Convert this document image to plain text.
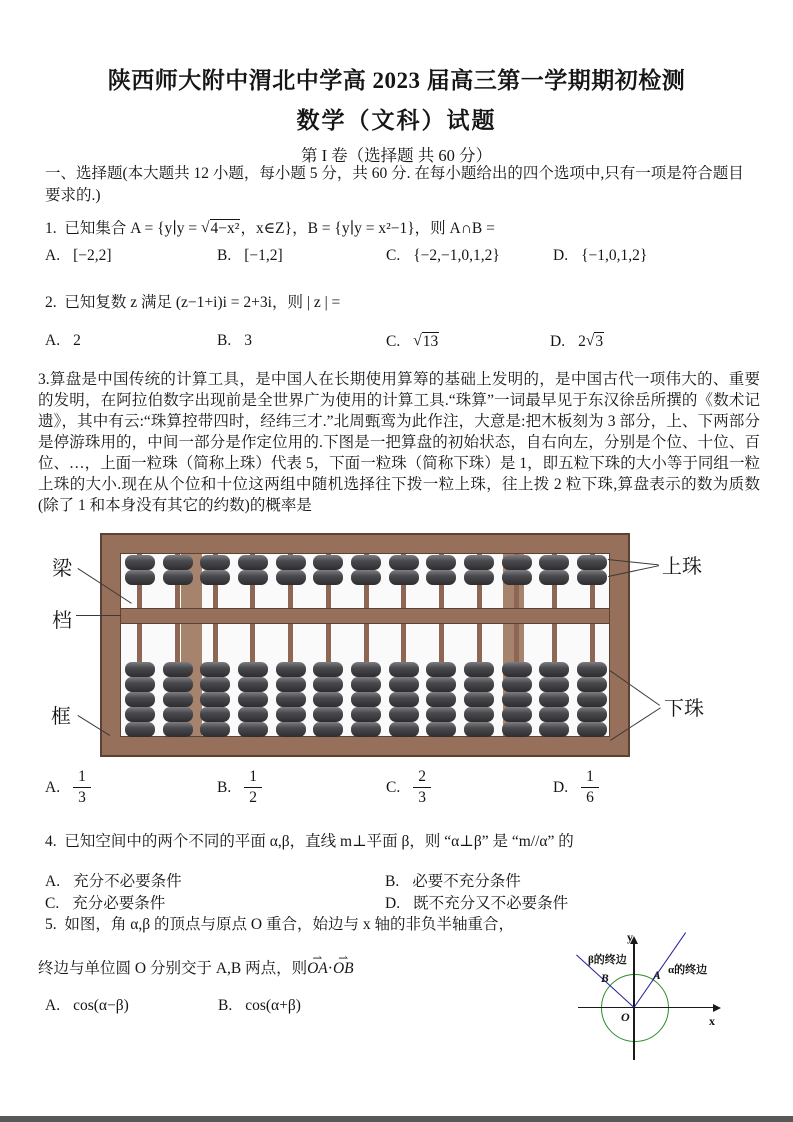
陕西师大附中渭北中学高 2023 届高三第一学期期初检测
数学（文科）试题
第 I 卷（选择题 共 60 分）
一、选择题(本大题共 12 小题，每小题 5 分，共 60 分. 在每小题给出的四个选项中,只有一项是符合题目要求的.)
1. 已知集合 A = {y∣y = √4−x²，x∈Z}，B = {y∣y = x²−1}，则 A∩B =
A. [−2,2]	B. [−1,2]	C. {−2,−1,0,1,2}	D. {−1,0,1,2}
2. 已知复数 z 满足 (z−1+i)i = 2+3i，则 | z | =
A. 2	B. 3	C. √13	D. 2√3
3.算盘是中国传统的计算工具，是中国人在长期使用算筹的基础上发明的，是中国古代一项伟大的、重要的发明，在阿拉伯数字出现前是全世界广为使用的计算工具.“珠算”一词最早见于东汉徐岳所撰的《数术记遗》，其中有云:“珠算控带四时，经纬三才.”北周甄鸾为此作注，大意是:把木板刻为 3 部分，上、下两部分是停游珠用的，中间一部分是作定位用的.下图是一把算盘的初始状态，自右向左，分别是个位、十位、百位、…，上面一粒珠（简称上珠）代表 5，下面一粒珠（简称下珠）是 1，即五粒下珠的大小等于同组一粒上珠的大小.现在从个位和十位这两组中随机选择往下拨一粒上珠，往上拨 2 粒下珠,算盘表示的数为质数(除了 1 和本身没有其它的约数)的概率是
梁
档
框
上珠
下珠
A. $\frac{1}{3}$	B. $\frac{1}{2}$	C. $\frac{2}{3}$	D. $\frac{1}{6}$
4. 已知空间中的两个不同的平面 α,β，直线 m⊥平面 β，则 “α⊥β” 是 “m//α” 的
A. 充分不必要条件	B. 必要不充分条件
C. 充分必要条件	D. 既不充分又不必要条件
5. 如图，角 α,β 的顶点与原点 O 重合，始边与 x 轴的非负半轴重合，
终边与单位圆 O 分别交于 A,B 两点，则OA ⇀·OB ⇀
A. cos(α−β)	B. cos(α+β)
y
x
O
A
B
β的终边
α的终边
